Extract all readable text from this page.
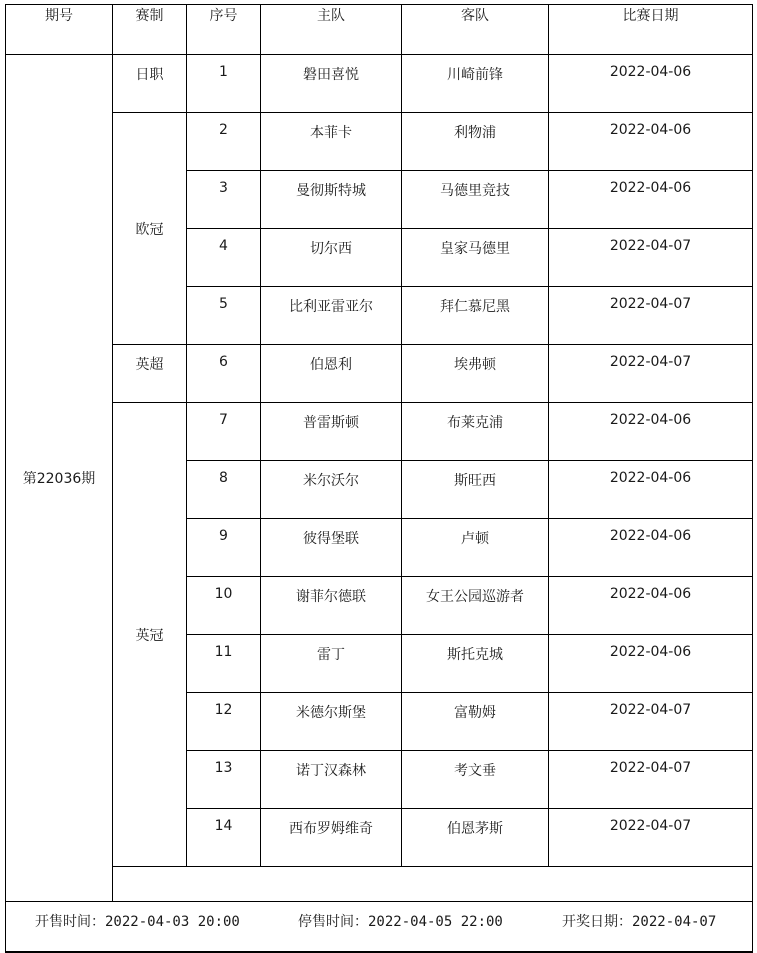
期号	赛制	序号	主队	客队	比赛日期
第22036期	日职	1	磐田喜悦	川崎前锋	2022-04-06
	欧冠	2	本菲卡	利物浦	2022-04-06
		3	曼彻斯特城	马德里竞技	2022-04-06
		4	切尔西	皇家马德里	2022-04-07
		5	比利亚雷亚尔	拜仁慕尼黑	2022-04-07
	英超	6	伯恩利	埃弗顿	2022-04-07
	英冠	7	普雷斯顿	布莱克浦	2022-04-06
		8	米尔沃尔	斯旺西	2022-04-06
		9	彼得堡联	卢顿	2022-04-06
		10	谢菲尔德联	女王公园巡游者	2022-04-06
		11	雷丁	斯托克城	2022-04-06
		12	米德尔斯堡	富勒姆	2022-04-07
		13	诺丁汉森林	考文垂	2022-04-07
		14	西布罗姆维奇	伯恩茅斯	2022-04-07

开售时间：2022-04-03 20:00 停售时间：2022-04-05 22:00 开奖日期：2022-04-07					
